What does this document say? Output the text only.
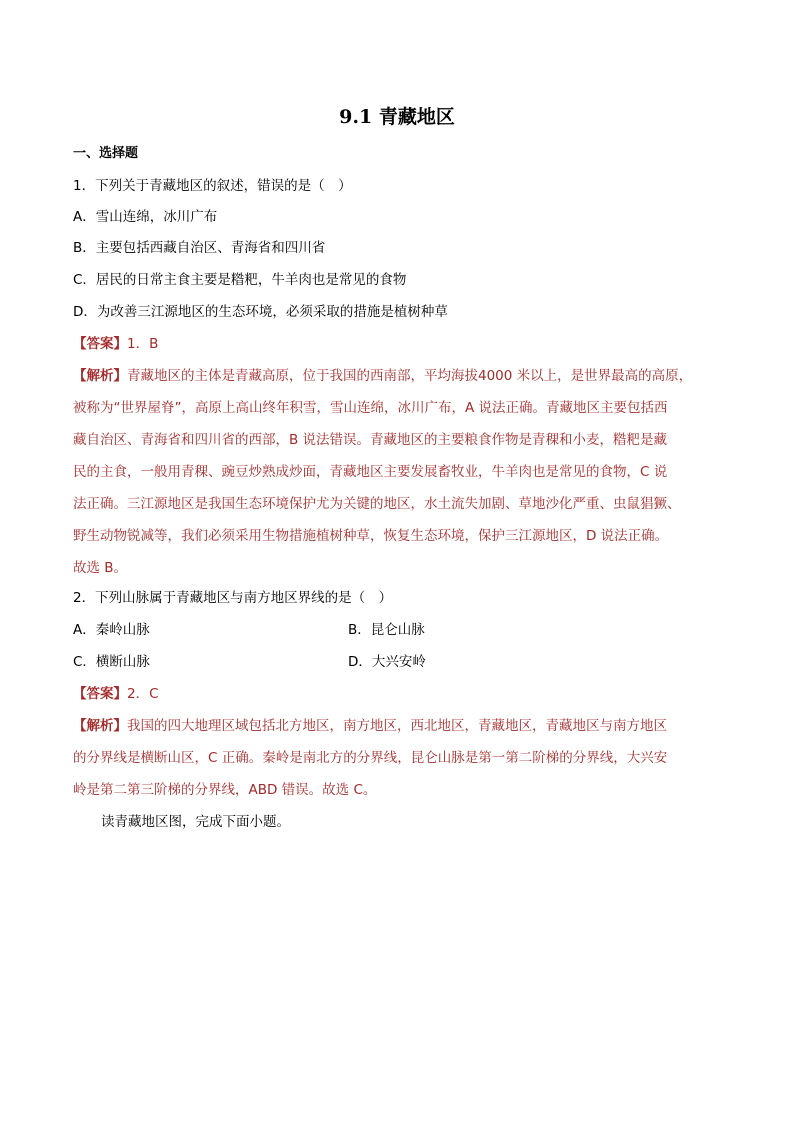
9.1 青藏地区
一、选择题
1．下列关于青藏地区的叙述，错误的是（　）
A．雪山连绵，冰川广布
B．主要包括西藏自治区、青海省和四川省
C．居民的日常主食主要是糌粑，牛羊肉也是常见的食物
D．为改善三江源地区的生态环境，必须采取的措施是植树种草
【答案】1．B
【解析】青藏地区的主体是青藏高原，位于我国的西南部，平均海拔4000 米以上，是世界最高的高原，
被称为“世界屋脊”，高原上高山终年积雪，雪山连绵，冰川广布，A 说法正确。青藏地区主要包括西
藏自治区、青海省和四川省的西部，B 说法错误。青藏地区的主要粮食作物是青稞和小麦，糌粑是藏
民的主食，一般用青稞、豌豆炒熟成炒面，青藏地区主要发展畜牧业，牛羊肉也是常见的食物，C 说
法正确。三江源地区是我国生态环境保护尤为关键的地区，水土流失加剧、草地沙化严重、虫鼠猖獗、
野生动物锐减等，我们必须采用生物措施植树种草，恢复生态环境，保护三江源地区，D 说法正确。
故选 B。
2．下列山脉属于青藏地区与南方地区界线的是（　）
A．秦岭山脉	B．昆仑山脉
C．横断山脉	D．大兴安岭
【答案】2．C
【解析】我国的四大地理区域包括北方地区，南方地区，西北地区，青藏地区，青藏地区与南方地区
的分界线是横断山区，C 正确。秦岭是南北方的分界线，昆仑山脉是第一第二阶梯的分界线，大兴安
岭是第二第三阶梯的分界线，ABD 错误。故选 C。
读青藏地区图，完成下面小题。
